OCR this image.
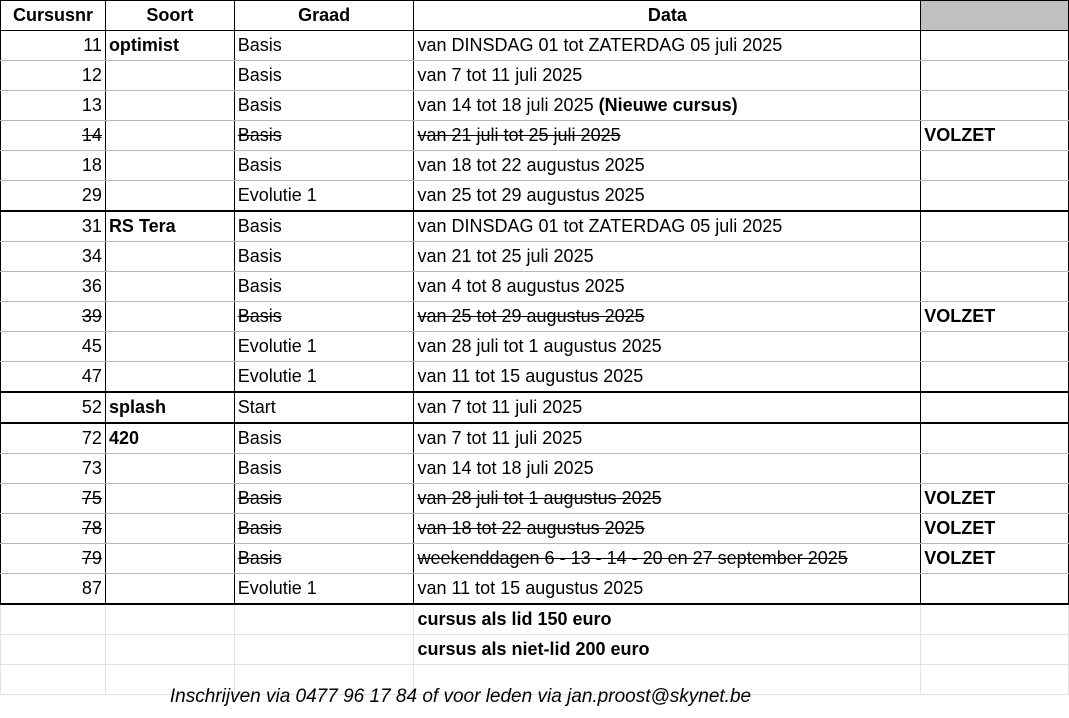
Cursusnr	Soort	Graad	Data	
11	optimist	Basis	van DINSDAG 01 tot ZATERDAG 05 juli 2025	
12		Basis	van 7 tot 11 juli 2025	
13		Basis	van 14 tot 18 juli 2025 (Nieuwe cursus)	
14		Basis	van 21 juli tot 25 juli 2025	VOLZET
18		Basis	van 18 tot 22 augustus 2025	
29		Evolutie 1	van 25 tot 29 augustus 2025	
31	RS Tera	Basis	van DINSDAG 01 tot ZATERDAG 05 juli 2025	
34		Basis	van 21 tot 25 juli 2025	
36		Basis	van 4 tot 8 augustus 2025	
39		Basis	van 25 tot 29 augustus 2025	VOLZET
45		Evolutie 1	van 28 juli tot 1 augustus 2025	
47		Evolutie 1	van 11 tot 15 augustus 2025	
52	splash	Start	van 7 tot 11 juli 2025	
72	420	Basis	van 7 tot 11 juli 2025	
73		Basis	van 14 tot 18 juli 2025	
75		Basis	van 28 juli tot 1 augustus 2025	VOLZET
78		Basis	van 18 tot 22 augustus 2025	VOLZET
79		Basis	weekenddagen 6 - 13 - 14 - 20 en 27 september 2025	VOLZET
87		Evolutie 1	van 11 tot 15 augustus 2025	
			cursus als lid 150 euro	
			cursus als niet-lid 200 euro	

Inschrijven via 0477 96 17 84 of voor leden via jan.proost@skynet.be
